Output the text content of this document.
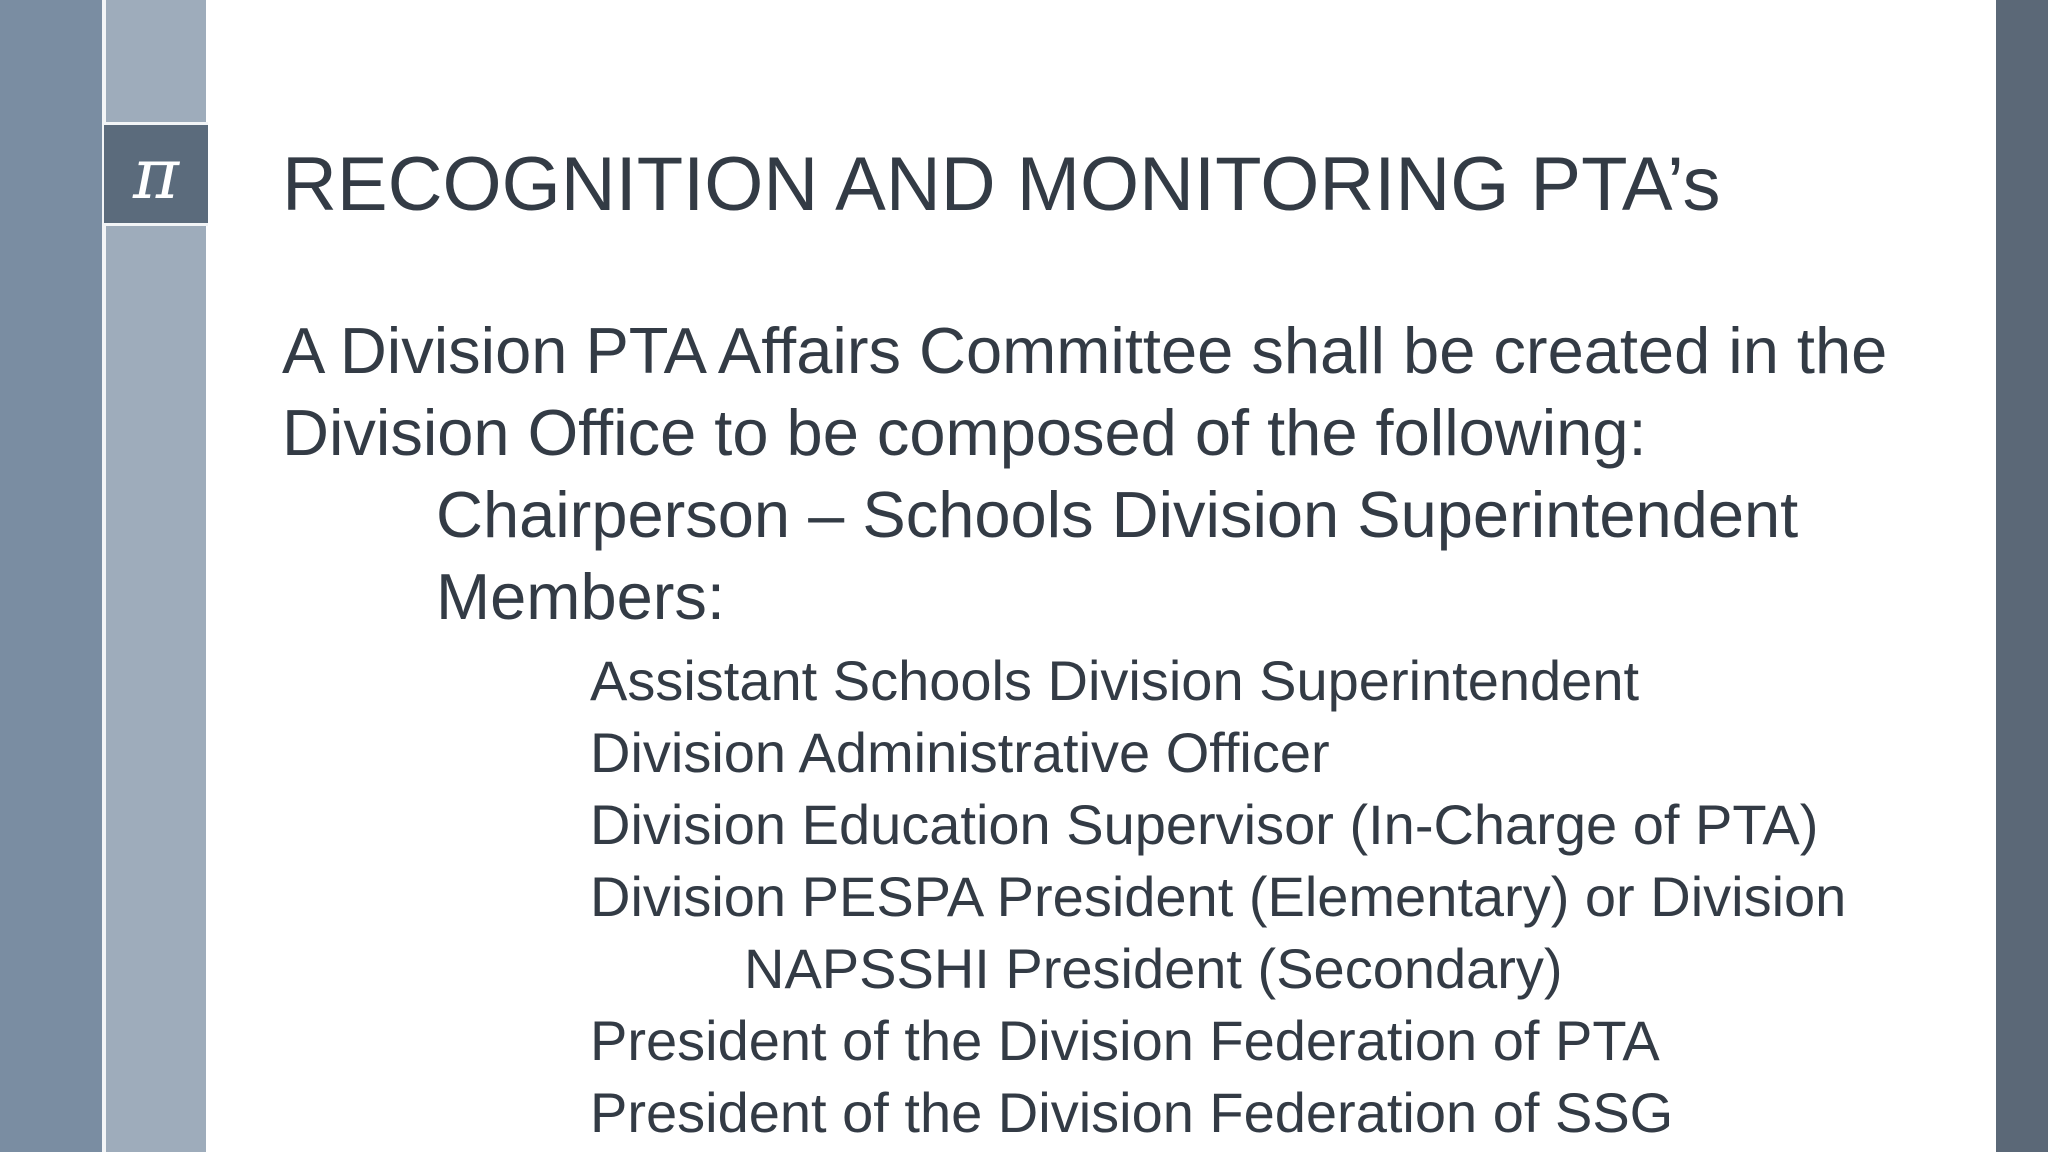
π RECOGNITION AND MONITORING PTA’s
A Division PTA Affairs Committee shall be created in the
Division Office to be composed of the following:
Chairperson – Schools Division Superintendent
Members:
Assistant Schools Division Superintendent
Division Administrative Officer
Division Education Supervisor (In-Charge of PTA)
Division PESPA President (Elementary) or Division
NAPSSHI President (Secondary)
President of the Division Federation of PTA
President of the Division Federation of SSG
